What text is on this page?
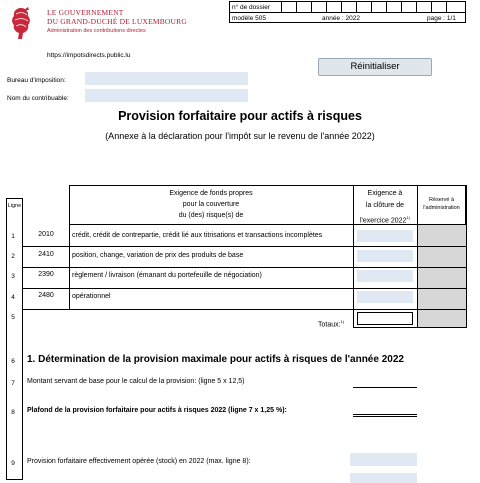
LE GOUVERNEMENT
DU GRAND-DUCHÉ DE LUXEMBOURG
Administration des contributions directes
n° de dossier
modèle 505	année : 2022	page : 1/1
https://impotsdirects.public.lu
Réinitialiser
Bureau d'imposition:
Nom du contribuable:
Provision forfaitaire pour actifs à risques
(Annexe à la déclaration pour l'impôt sur le revenu de l'année 2022)
Ligne
Exigence de fonds propres
pour la couverture
du (des) risque(s) de
Exigence à
la clôture de
l'exercice 2022$^{1)}$
Réservé à
l'administration
1	2010	crédit, crédit de contrepartie, crédit lié aux titrisations et transactions incomplètes
2	2410	position, change, variation de prix des produits de base
3	2390	règlement / livraison (émanant du portefeuille de négociation)
4	2480	opérationnel
5
Totaux:$^{1)}$
6	1. Détermination de la provision maximale pour actifs à risques de l'année 2022
7	Montant servant de base pour le calcul de la provision: (ligne 5 x 12,5)
8	Plafond de la provision forfaitaire pour actifs à risques 2022 (ligne 7 x 1,25 %):
9	Provision forfaitaire effectivement opérée (stock) en 2022 (max. ligne 8):
